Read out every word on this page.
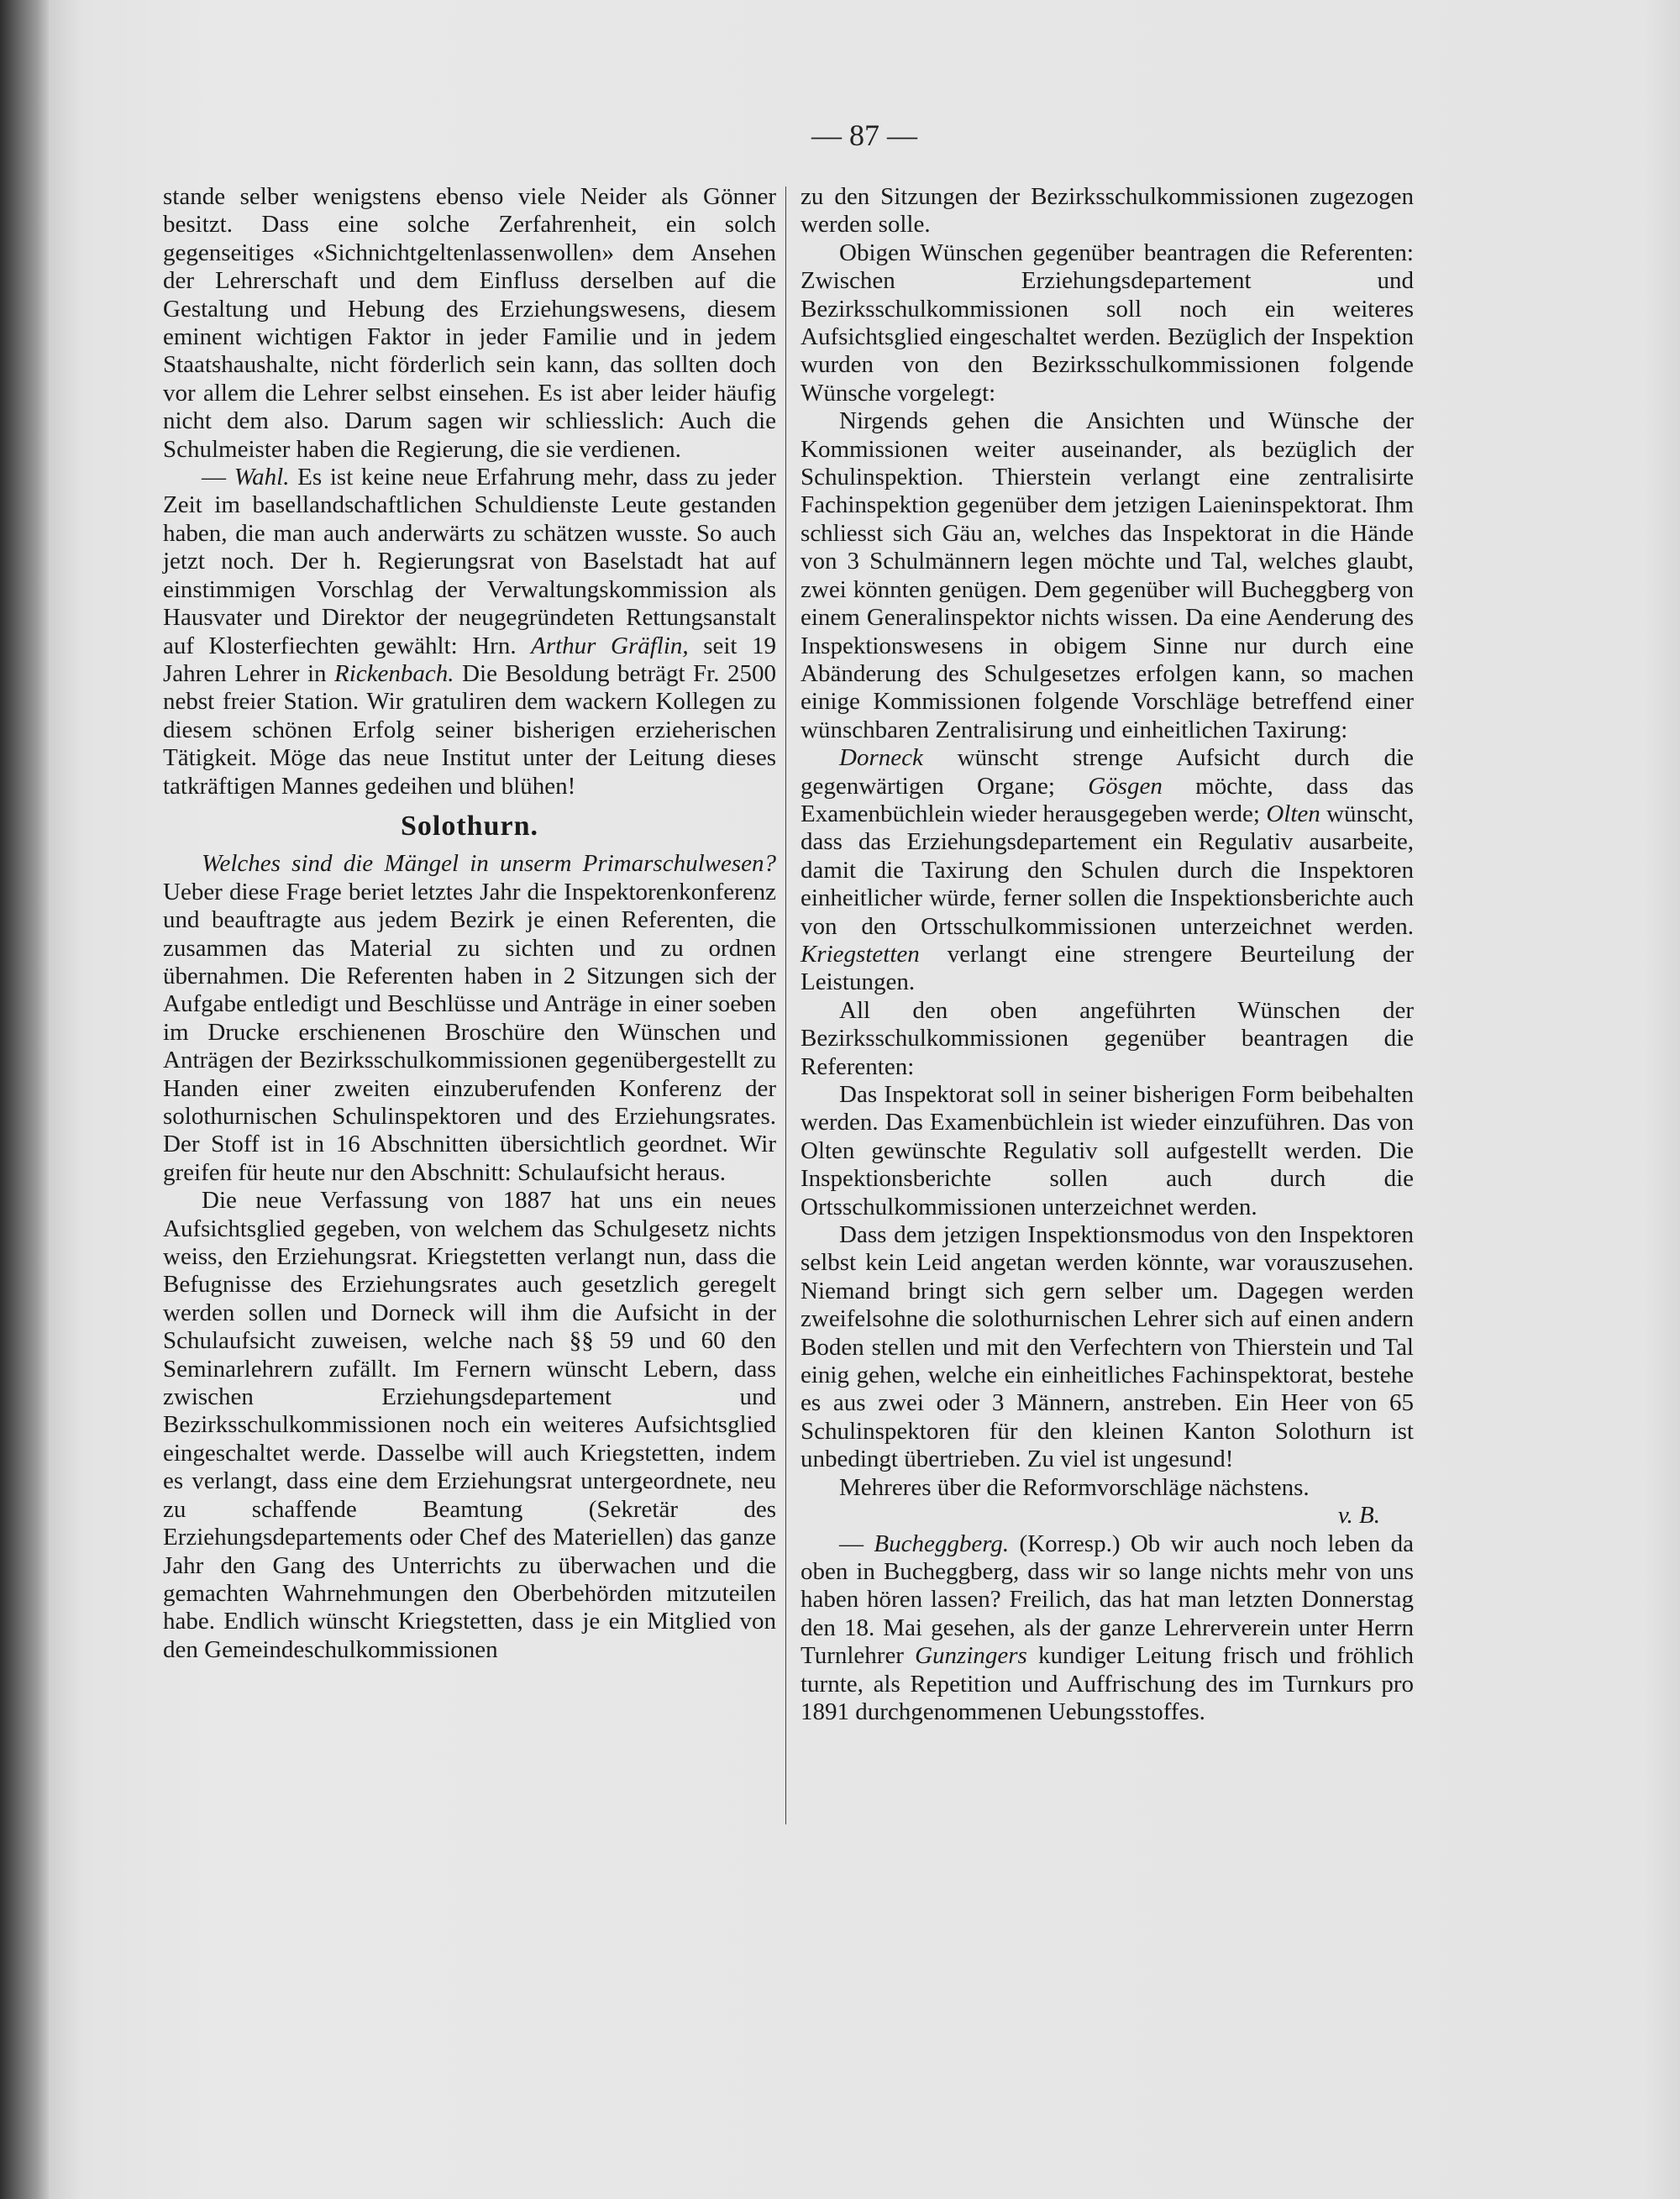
— 87 —

stande selber wenigstens ebenso viele Neider als Gönner besitzt. Dass eine solche Zerfahrenheit, ein solch gegenseitiges «Sichnichtgeltenlassenwollen» dem Ansehen der Lehrerschaft und dem Einfluss derselben auf die Gestaltung und Hebung des Erziehungswesens, diesem eminent wichtigen Faktor in jeder Familie und in jedem Staatshaushalte, nicht förderlich sein kann, das sollten doch vor allem die Lehrer selbst einsehen. Es ist aber leider häufig nicht dem also. Darum sagen wir schliesslich: Auch die Schulmeister haben die Regierung, die sie verdienen.

— Wahl. Es ist keine neue Erfahrung mehr, dass zu jeder Zeit im basellandschaftlichen Schuldienste Leute gestanden haben, die man auch anderwärts zu schätzen wusste. So auch jetzt noch. Der h. Regierungsrat von Baselstadt hat auf einstimmigen Vorschlag der Verwaltungskommission als Hausvater und Direktor der neugegründeten Rettungsanstalt auf Klosterfiechten gewählt: Hrn. Arthur Gräflin, seit 19 Jahren Lehrer in Rickenbach. Die Besoldung beträgt Fr. 2500 nebst freier Station. Wir gratuliren dem wackern Kollegen zu diesem schönen Erfolg seiner bisherigen erzieherischen Tätigkeit. Möge das neue Institut unter der Leitung dieses tatkräftigen Mannes gedeihen und blühen!

Solothurn.

Welches sind die Mängel in unserm Primarschulwesen? Ueber diese Frage beriet letztes Jahr die Inspektorenkonferenz und beauftragte aus jedem Bezirk je einen Referenten, die zusammen das Material zu sichten und zu ordnen übernahmen. Die Referenten haben in 2 Sitzungen sich der Aufgabe entledigt und Beschlüsse und Anträge in einer soeben im Drucke erschienenen Broschüre den Wünschen und Anträgen der Bezirksschulkommissionen gegenübergestellt zu Handen einer zweiten einzuberufenden Konferenz der solothurnischen Schulinspektoren und des Erziehungsrates. Der Stoff ist in 16 Abschnitten übersichtlich geordnet. Wir greifen für heute nur den Abschnitt: Schulaufsicht heraus.

Die neue Verfassung von 1887 hat uns ein neues Aufsichtsglied gegeben, von welchem das Schulgesetz nichts weiss, den Erziehungsrat. Kriegstetten verlangt nun, dass die Befugnisse des Erziehungsrates auch gesetzlich geregelt werden sollen und Dorneck will ihm die Aufsicht in der Schulaufsicht zuweisen, welche nach §§ 59 und 60 den Seminarlehrern zufällt. Im Fernern wünscht Lebern, dass zwischen Erziehungsdepartement und Bezirksschulkommissionen noch ein weiteres Aufsichtsglied eingeschaltet werde. Dasselbe will auch Kriegstetten, indem es verlangt, dass eine dem Erziehungsrat untergeordnete, neu zu schaffende Beamtung (Sekretär des Erziehungsdepartements oder Chef des Materiellen) das ganze Jahr den Gang des Unterrichts zu überwachen und die gemachten Wahrnehmungen den Oberbehörden mitzuteilen habe. Endlich wünscht Kriegstetten, dass je ein Mitglied von den Gemeindeschulkommissionen

zu den Sitzungen der Bezirksschulkommissionen zugezogen werden solle.

Obigen Wünschen gegenüber beantragen die Referenten: Zwischen Erziehungsdepartement und Bezirksschulkommissionen soll noch ein weiteres Aufsichtsglied eingeschaltet werden. Bezüglich der Inspektion wurden von den Bezirksschulkommissionen folgende Wünsche vorgelegt:

Nirgends gehen die Ansichten und Wünsche der Kommissionen weiter auseinander, als bezüglich der Schulinspektion. Thierstein verlangt eine zentralisirte Fachinspektion gegenüber dem jetzigen Laieninspektorat. Ihm schliesst sich Gäu an, welches das Inspektorat in die Hände von 3 Schulmännern legen möchte und Tal, welches glaubt, zwei könnten genügen. Dem gegenüber will Bucheggberg von einem Generalinspektor nichts wissen. Da eine Aenderung des Inspektionswesens in obigem Sinne nur durch eine Abänderung des Schulgesetzes erfolgen kann, so machen einige Kommissionen folgende Vorschläge betreffend einer wünschbaren Zentralisirung und einheitlichen Taxirung:

Dorneck wünscht strenge Aufsicht durch die gegenwärtigen Organe; Gösgen möchte, dass das Examenbüchlein wieder herausgegeben werde; Olten wünscht, dass das Erziehungsdepartement ein Regulativ ausarbeite, damit die Taxirung den Schulen durch die Inspektoren einheitlicher würde, ferner sollen die Inspektionsberichte auch von den Ortsschulkommissionen unterzeichnet werden. Kriegstetten verlangt eine strengere Beurteilung der Leistungen.

All den oben angeführten Wünschen der Bezirksschulkommissionen gegenüber beantragen die Referenten:

Das Inspektorat soll in seiner bisherigen Form beibehalten werden. Das Examenbüchlein ist wieder einzuführen. Das von Olten gewünschte Regulativ soll aufgestellt werden. Die Inspektionsberichte sollen auch durch die Ortsschulkommissionen unterzeichnet werden.

Dass dem jetzigen Inspektionsmodus von den Inspektoren selbst kein Leid angetan werden könnte, war vorauszusehen. Niemand bringt sich gern selber um. Dagegen werden zweifelsohne die solothurnischen Lehrer sich auf einen andern Boden stellen und mit den Verfechtern von Thierstein und Tal einig gehen, welche ein einheitliches Fachinspektorat, bestehe es aus zwei oder 3 Männern, anstreben. Ein Heer von 65 Schulinspektoren für den kleinen Kanton Solothurn ist unbedingt übertrieben. Zu viel ist ungesund!

Mehreres über die Reformvorschläge nächstens.

v. B.

— Bucheggberg. (Korresp.) Ob wir auch noch leben da oben in Bucheggberg, dass wir so lange nichts mehr von uns haben hören lassen? Freilich, das hat man letzten Donnerstag den 18. Mai gesehen, als der ganze Lehrerverein unter Herrn Turnlehrer Gunzingers kundiger Leitung frisch und fröhlich turnte, als Repetition und Auffrischung des im Turnkurs pro 1891 durchgenommenen Uebungsstoffes.
